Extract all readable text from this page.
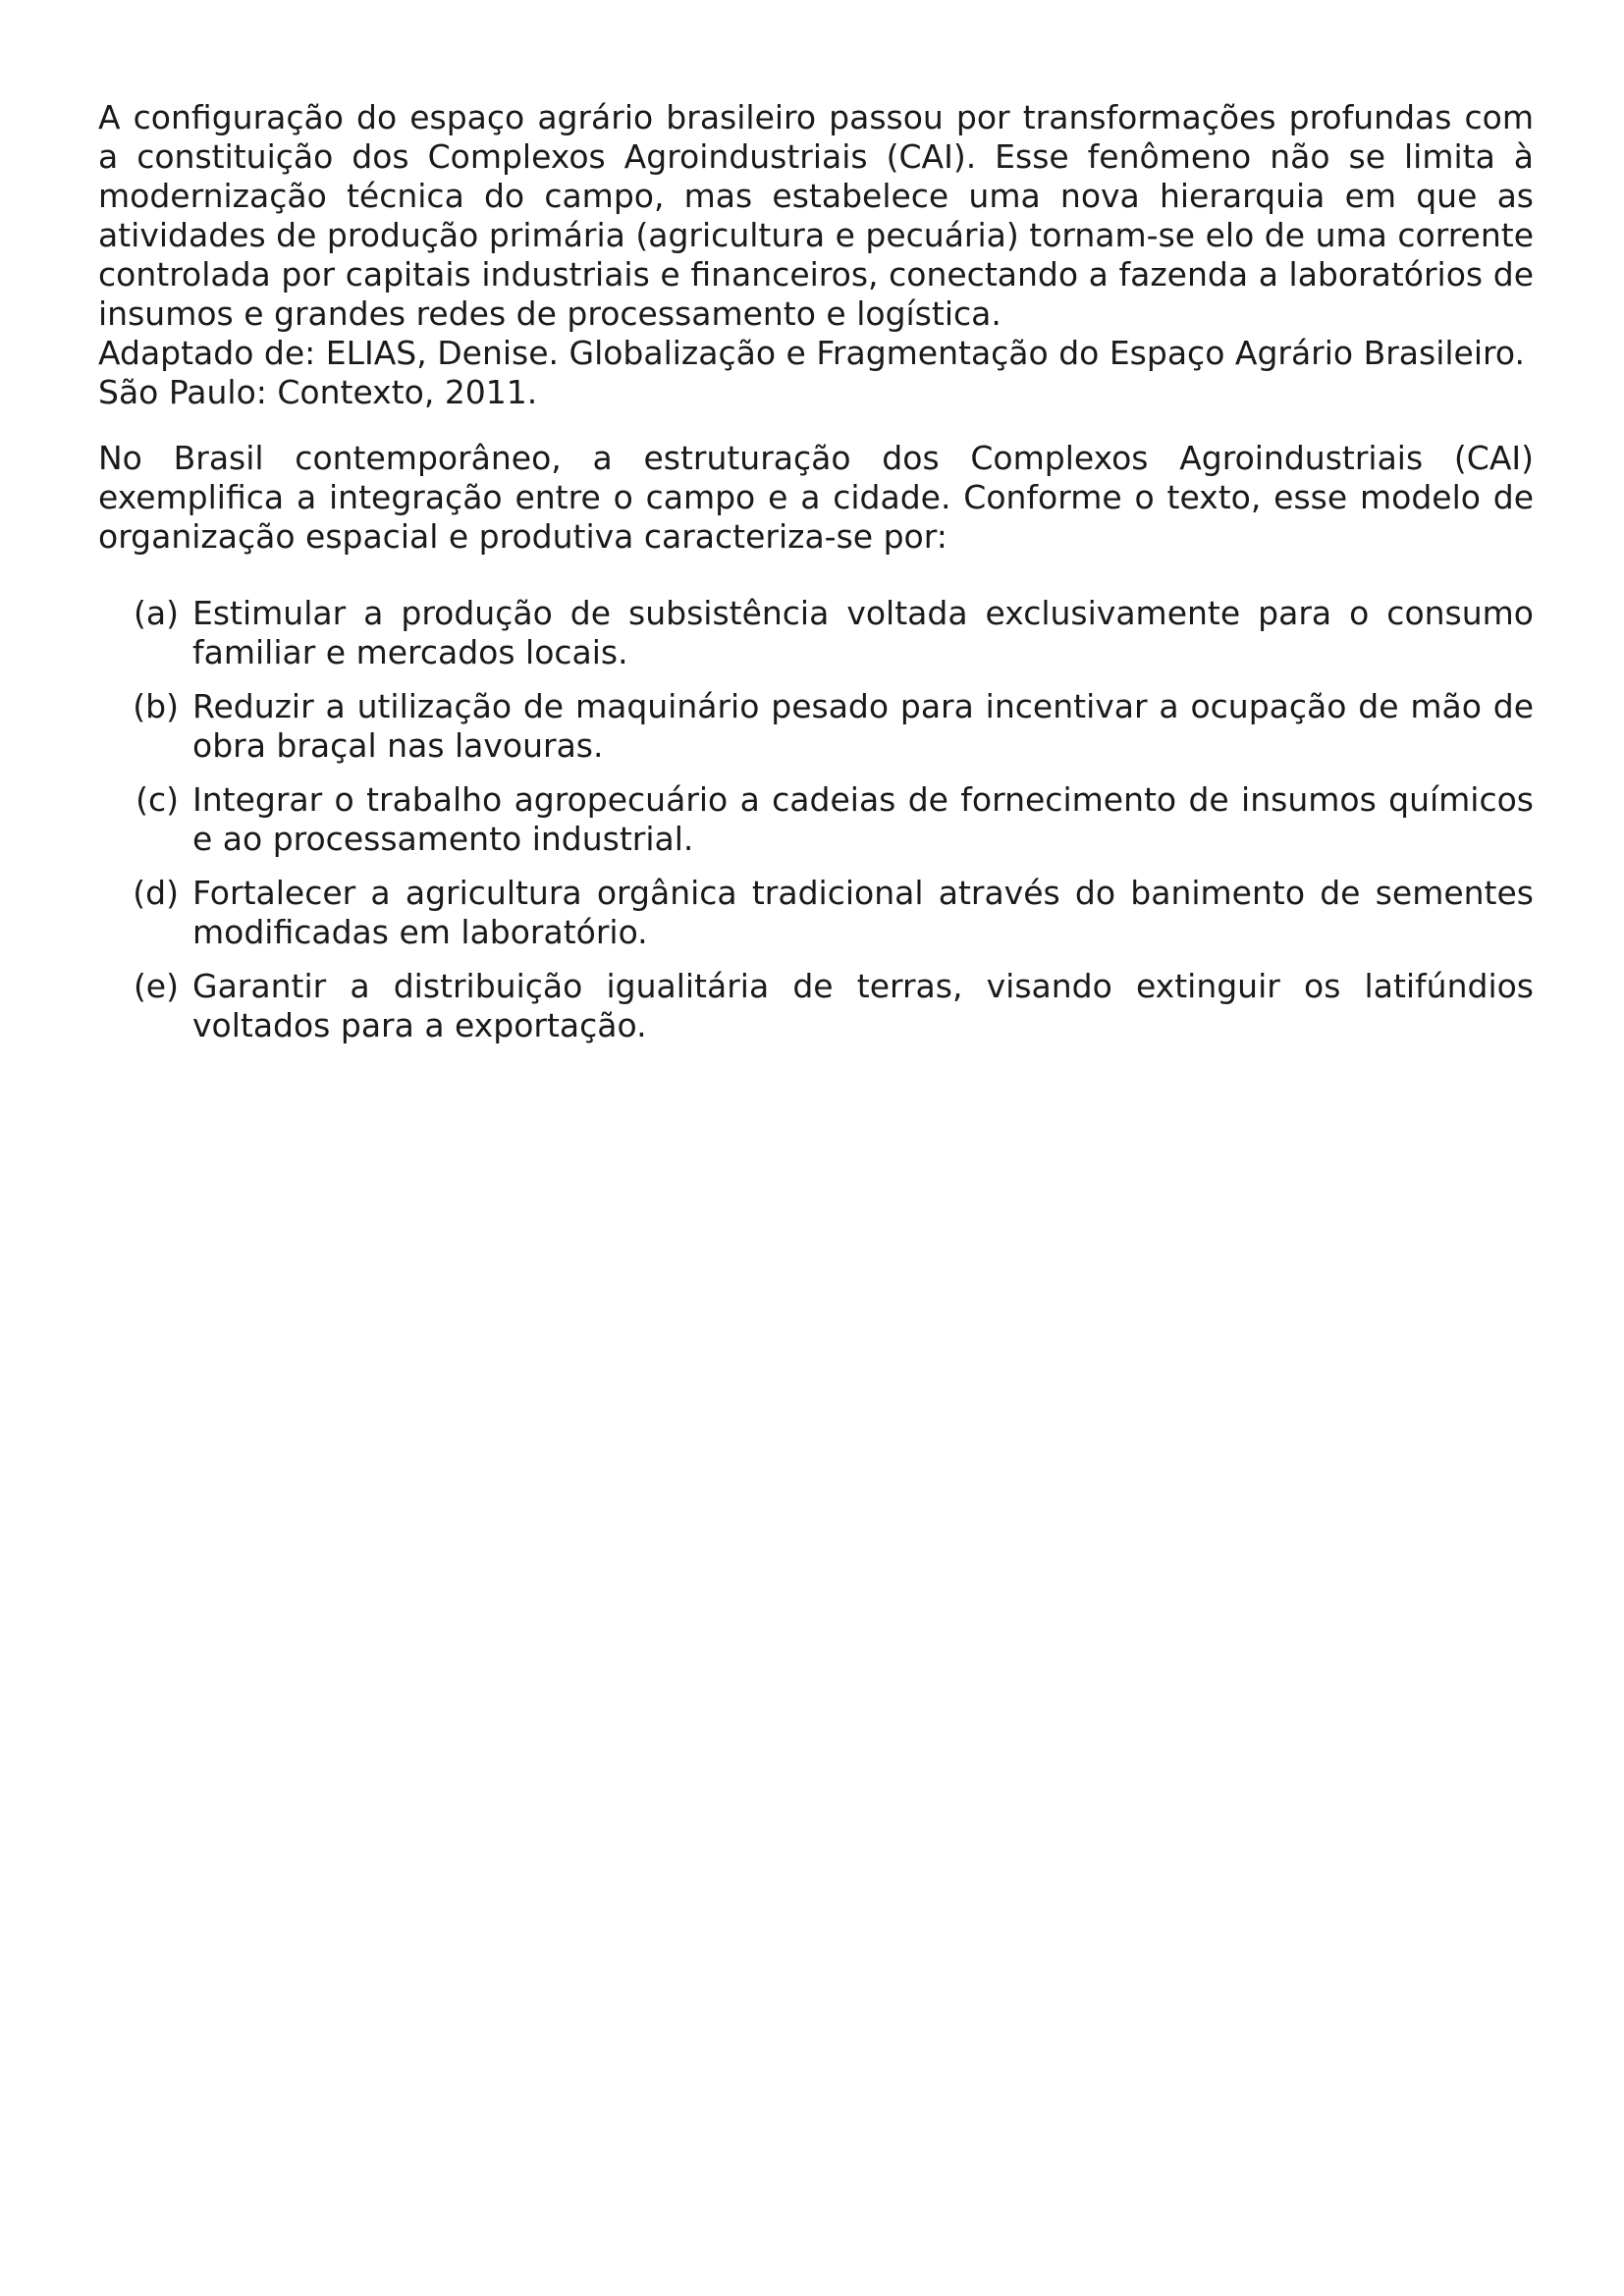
A configuração do espaço agrário brasileiro passou por transformações profundas com a constituição dos Complexos Agroindustriais (CAI). Esse fenômeno não se limita à modernização técnica do campo, mas estabelece uma nova hierarquia em que as atividades de produção primária (agricultura e pecuária) tornam-se elo de uma corrente controlada por capitais industriais e financeiros, conectando a fazenda a laboratórios de insumos e grandes redes de processamento e logística.

Adaptado de: ELIAS, Denise. Globalização e Fragmentação do Espaço Agrário Brasileiro. São Paulo: Contexto, 2011.

No Brasil contemporâneo, a estruturação dos Complexos Agroindustriais (CAI) exemplifica a integração entre o campo e a cidade. Conforme o texto, esse modelo de organização espacial e produtiva caracteriza-se por:

(a) Estimular a produção de subsistência voltada exclusivamente para o consumo familiar e mercados locais.
(b) Reduzir a utilização de maquinário pesado para incentivar a ocupação de mão de obra braçal nas lavouras.
(c) Integrar o trabalho agropecuário a cadeias de fornecimento de insumos químicos e ao processamento industrial.
(d) Fortalecer a agricultura orgânica tradicional através do banimento de sementes modificadas em laboratório.
(e) Garantir a distribuição igualitária de terras, visando extinguir os latifúndios voltados para a exportação.
